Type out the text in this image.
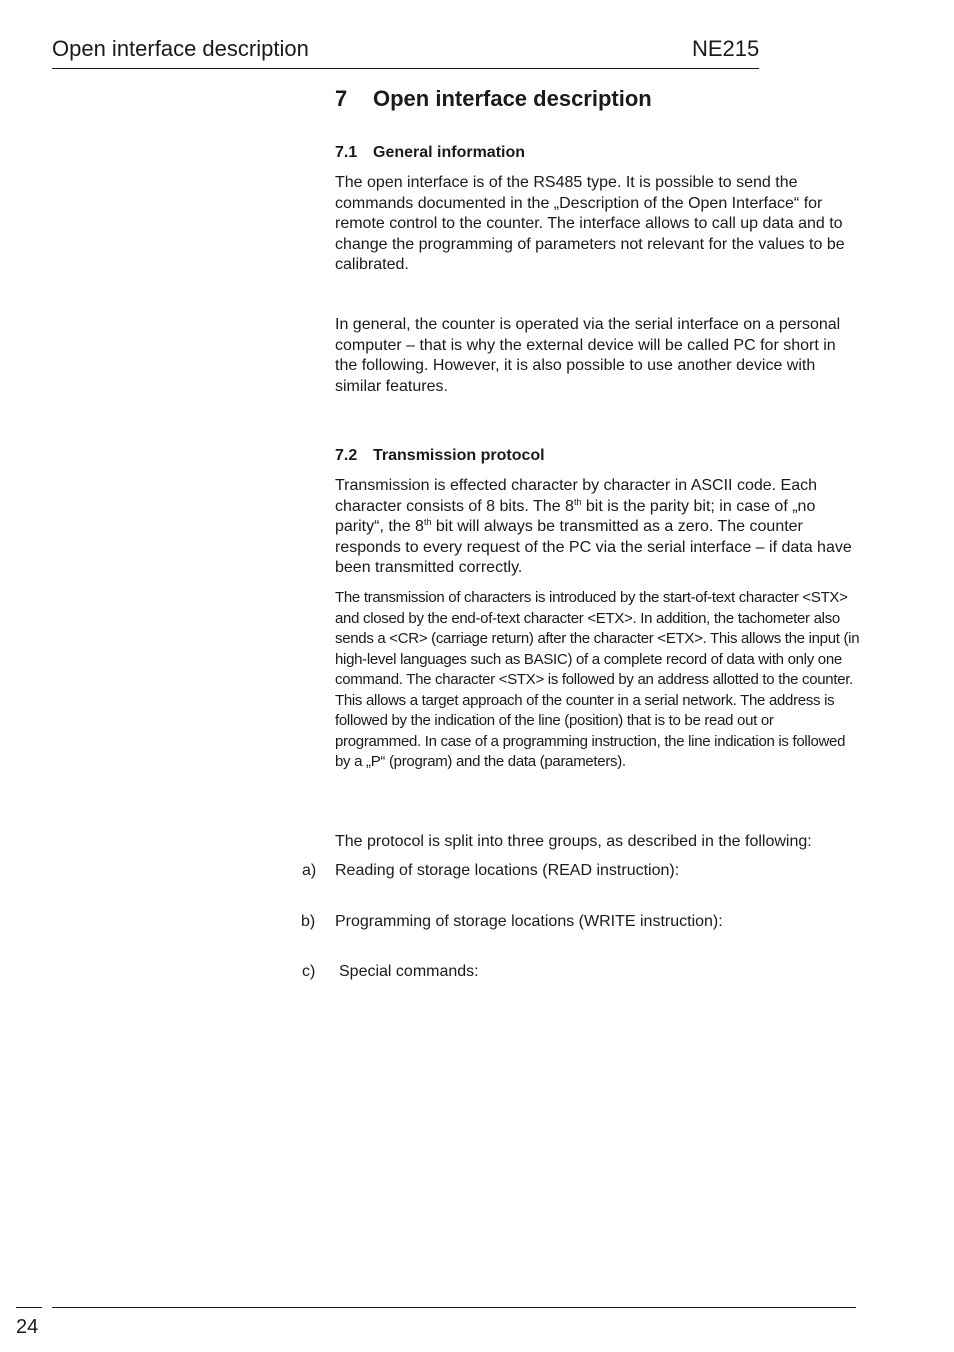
Open interface description	NE215
7 Open interface description
7.1 General information

The open interface is of the RS485 type. It is possible to send the commands documented in the „Description of the Open Interface“ for remote control to the counter. The interface allows to call up data and to change the programming of parameters not relevant for the values to be calibrated.

In general, the counter is operated via the serial interface on a personal computer – that is why the external device will be called PC for short in the following. However, it is also possible to use another device with similar features.

7.2 Transmission protocol

Transmission is effected character by character in ASCII code. Each character consists of 8 bits. The 8th bit is the parity bit; in case of „no parity“, the 8th bit will always be transmitted as a zero. The counter responds to every request of the PC via the serial interface – if data have been transmitted correctly.

The transmission of characters is introduced by the start-of-text character <STX> and closed by the end-of-text character <ETX>. In addition, the tachometer also sends a <CR> (carriage return) after the character <ETX>. This allows the input (in high-level languages such as BASIC) of a complete record of data with only one command. The character <STX> is followed by an address allotted to the counter. This allows a target approach of the counter in a serial network. The address is followed by the indication of the line (position) that is to be read out or programmed. In case of a programming instruction, the line indication is followed by a „P“ (program) and the data (parameters).

The protocol is split into three groups, as described in the following:

a) Reading of storage locations (READ instruction):
b) Programming of storage locations (WRITE instruction):
c) Special commands:
24
